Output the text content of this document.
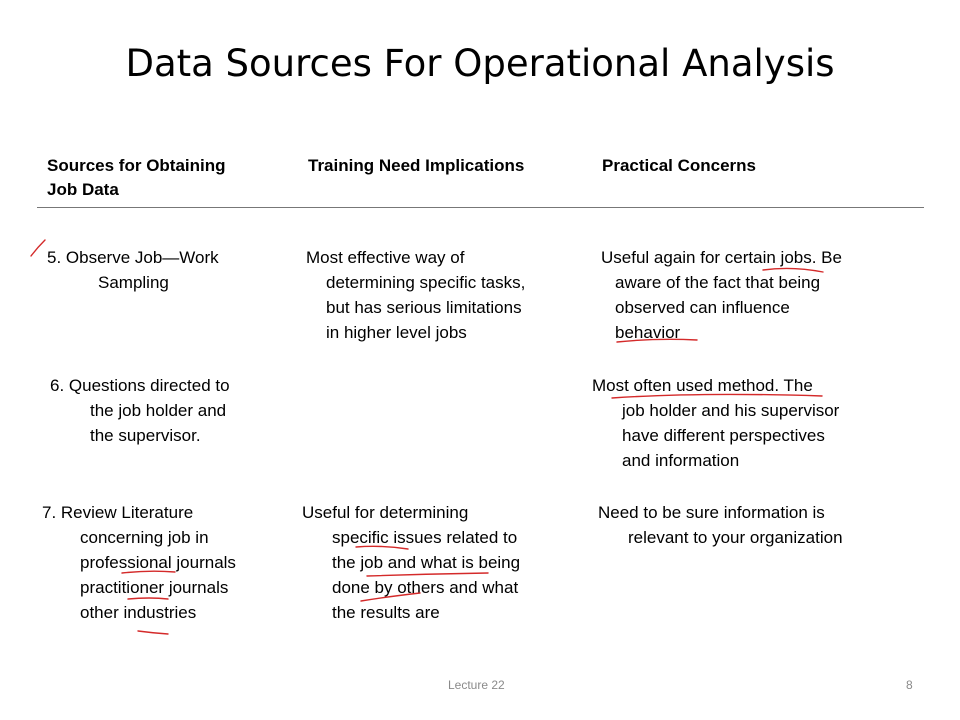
Data Sources For Operational Analysis
Sources for Obtaining
Job Data
Training Need Implications	Practical Concerns
5. Observe Job—Work
Sampling
Most effective way of
determining specific tasks,
but has serious limitations
in higher level jobs
Useful again for certain jobs. Be
aware of the fact that being
observed can influence
behavior
6. Questions directed to
the job holder and
the supervisor.
Most often used method. The
job holder and his supervisor
have different perspectives
and information
7. Review Literature
concerning job in
professional journals
practitioner journals
other industries
Useful for determining
specific issues related to
the job and what is being
done by others and what
the results are
Need to be sure information is
relevant to your organization
Lecture 22	8
